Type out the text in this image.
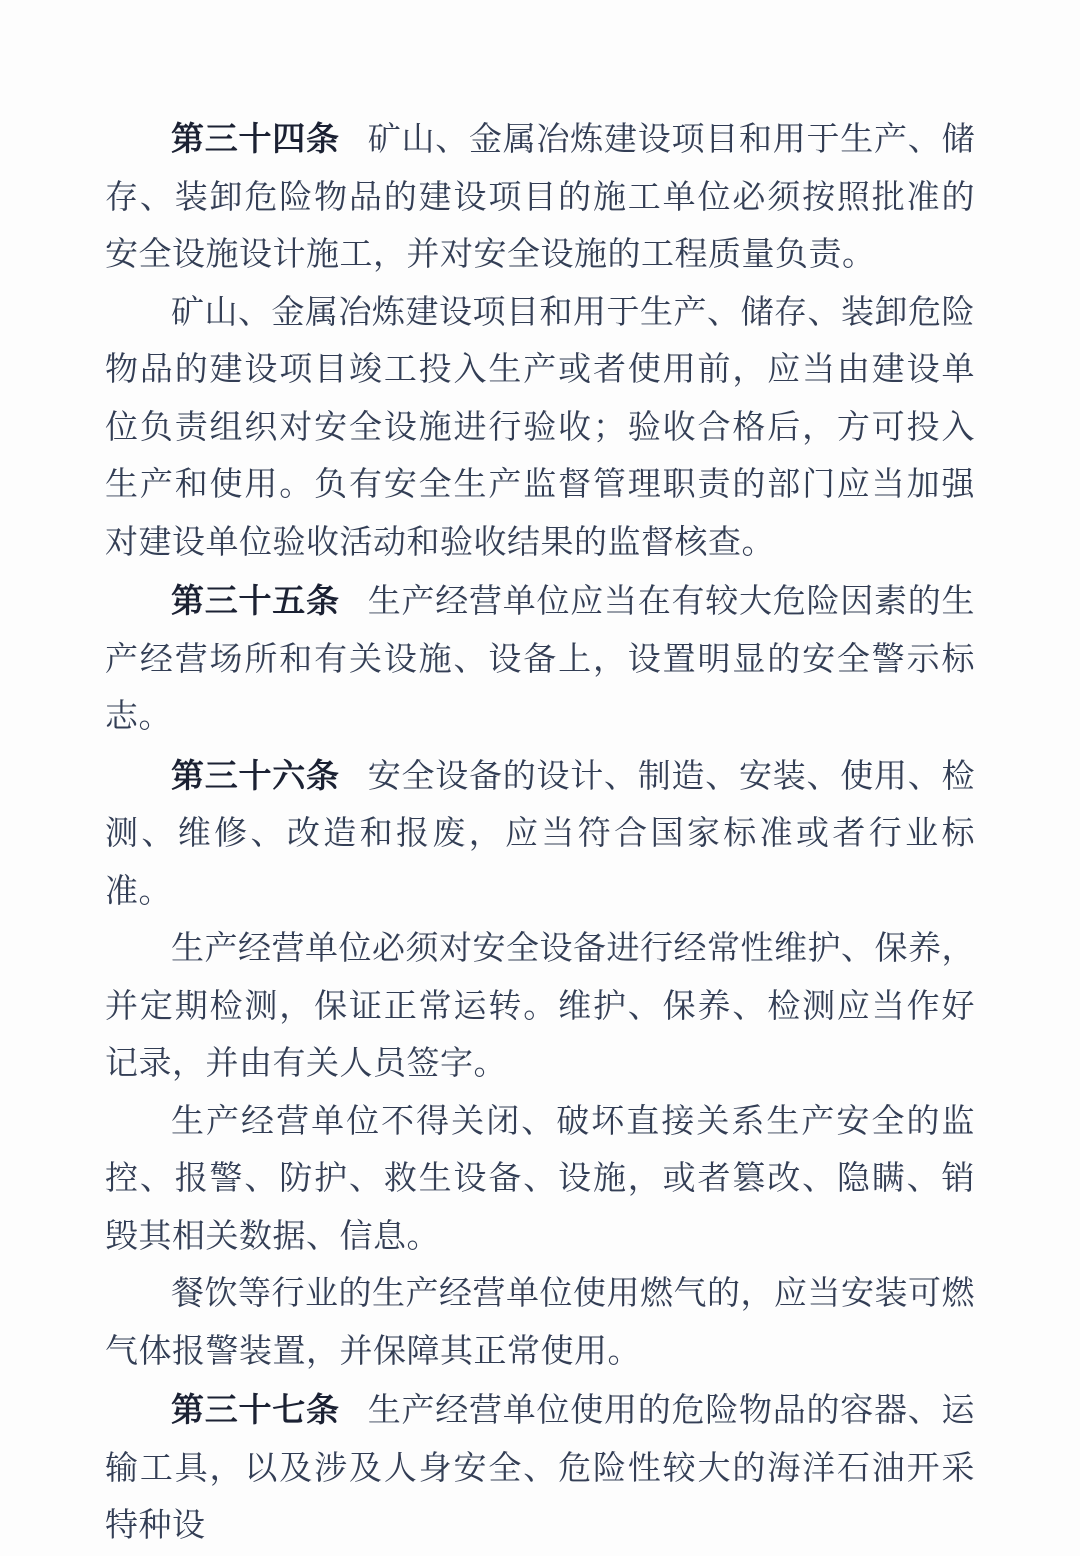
第三十四条 矿山、金属冶炼建设项目和用于生产、储存、装卸危险物品的建设项目的施工单位必须按照批准的安全设施设计施工，并对安全设施的工程质量负责。

矿山、金属冶炼建设项目和用于生产、储存、装卸危险物品的建设项目竣工投入生产或者使用前，应当由建设单位负责组织对安全设施进行验收；验收合格后，方可投入生产和使用。负有安全生产监督管理职责的部门应当加强对建设单位验收活动和验收结果的监督核查。

第三十五条 生产经营单位应当在有较大危险因素的生产经营场所和有关设施、设备上，设置明显的安全警示标志。

第三十六条 安全设备的设计、制造、安装、使用、检测、维修、改造和报废，应当符合国家标准或者行业标准。

生产经营单位必须对安全设备进行经常性维护、保养，并定期检测，保证正常运转。维护、保养、检测应当作好记录，并由有关人员签字。

生产经营单位不得关闭、破坏直接关系生产安全的监控、报警、防护、救生设备、设施，或者篡改、隐瞒、销毁其相关数据、信息。

餐饮等行业的生产经营单位使用燃气的，应当安装可燃气体报警装置，并保障其正常使用。

第三十七条 生产经营单位使用的危险物品的容器、运输工具，以及涉及人身安全、危险性较大的海洋石油开采特种设
